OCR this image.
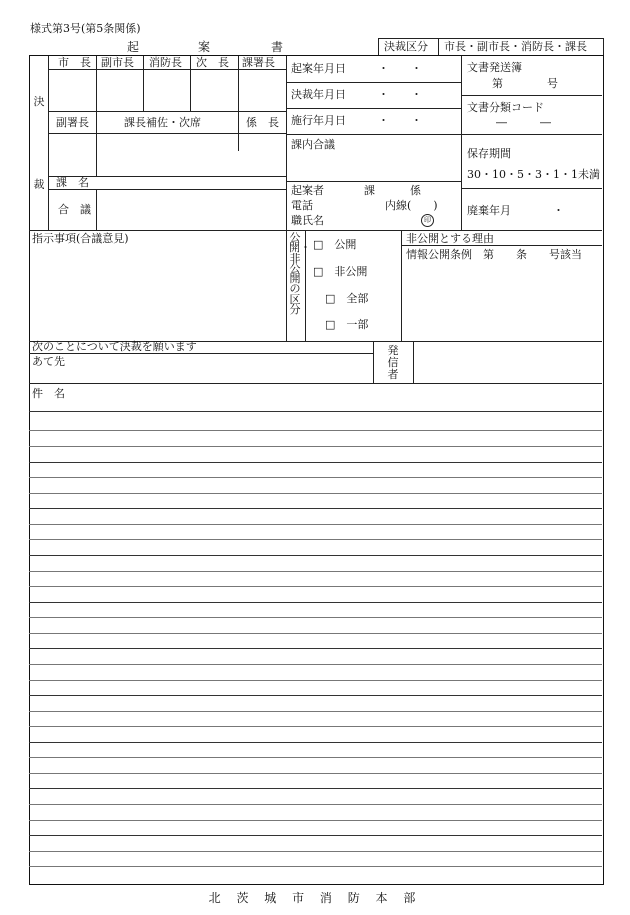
様式第3号(第5条関係)
起	案	書	決裁区分 市長・副市長・消防長・課長
決
裁
市　長 副市長 消防長 次　長 課署長
副署長	課長補佐・次席	係　長
課　名
合　議
起案年月日	・　　・
決裁年月日	・　　・
施行年月日	・　　・
文書発送簿
第　　　　号
文書分類コード
―　　　―
保存期間
30・10・5・3・1・1未満
廃棄年月	・
課内合議
起案者	課	係
電話	内線(　　)
職氏名	印
指示事項(合議意見)	公開・非公開の区分
□　公開
□　非公開
□　全部
□　一部
非公開とする理由
情報公開条例　第　　条　　号該当
次のことについて決裁を願います
あて先
発信者
件　名
北 茨 城 市 消 防 本 部
